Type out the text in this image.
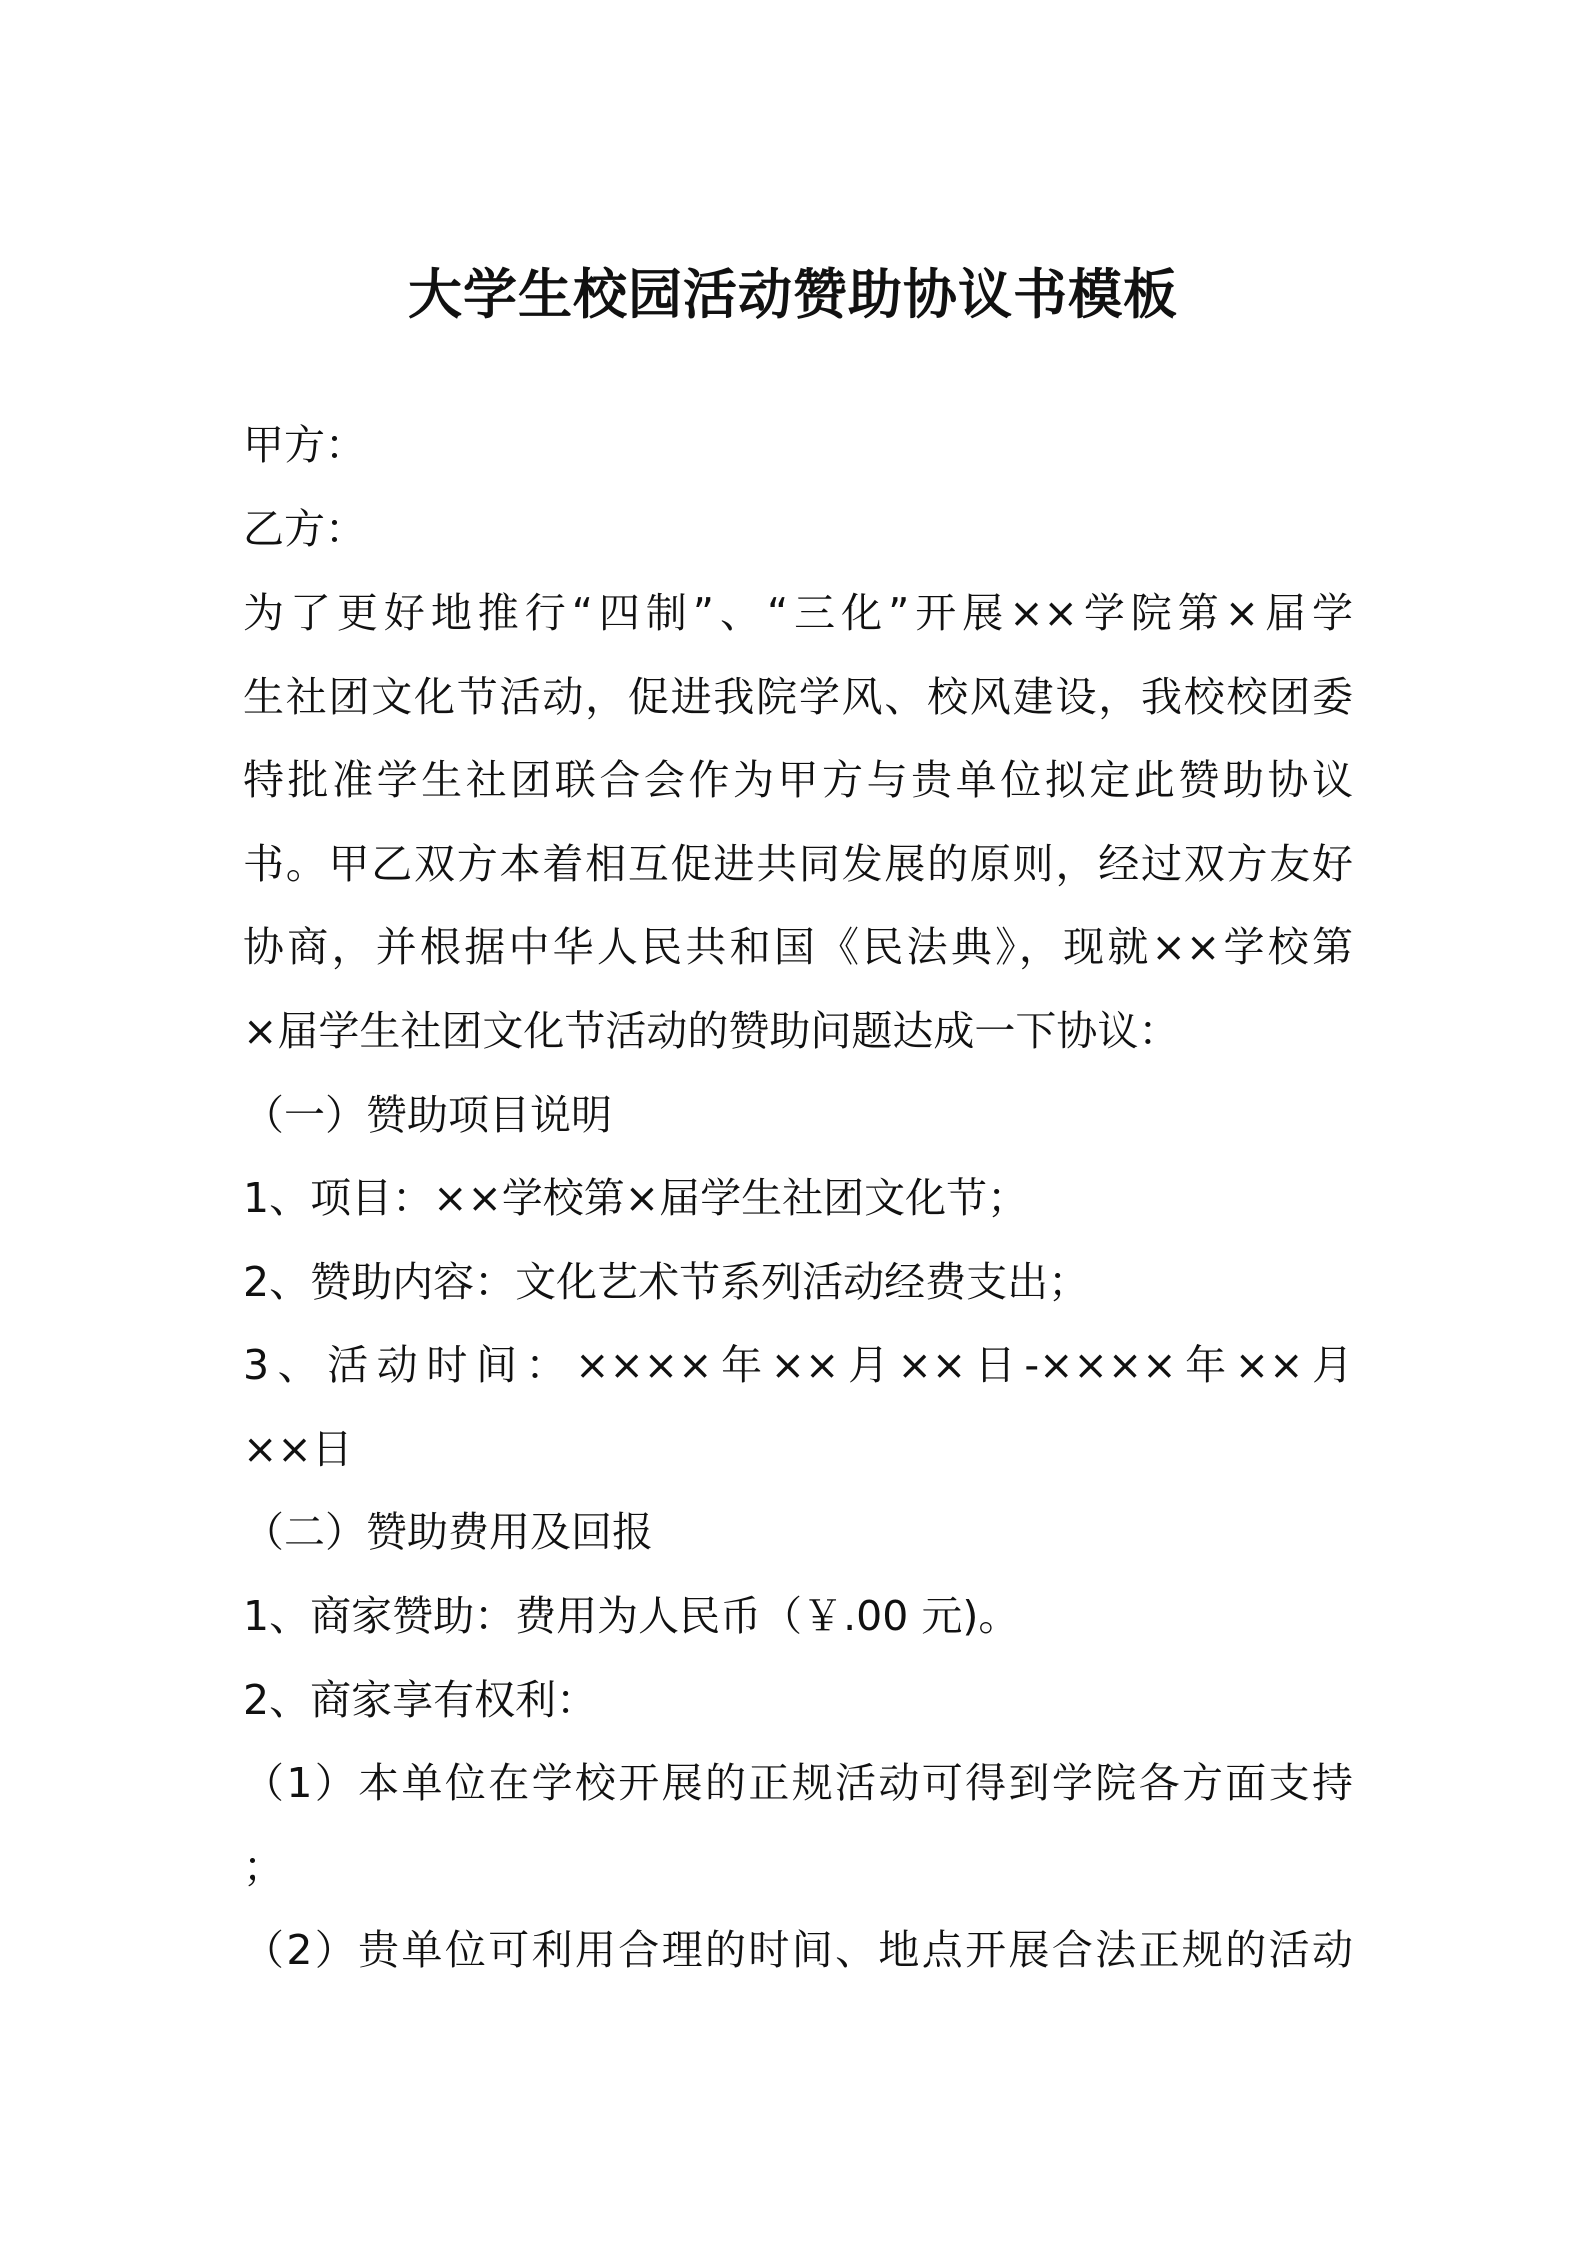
大学生校园活动赞助协议书模板
甲方：
乙方：
为了更好地推行“四制”、“三化”开展××学院第×届学
生社团文化节活动，促进我院学风、校风建设，我校校团委
特批准学生社团联合会作为甲方与贵单位拟定此赞助协议
书。甲乙双方本着相互促进共同发展的原则，经过双方友好
协商，并根据中华人民共和国《民法典》，现就××学校第
×届学生社团文化节活动的赞助问题达成一下协议：
（一）赞助项目说明
1、项目：××学校第×届学生社团文化节；
2、赞助内容：文化艺术节系列活动经费支出；
3、活动时间：××××年××月××日-××××年××月
××日
（二）赞助费用及回报
1、商家赞助：费用为人民币（￥.00 元)。
2、商家享有权利：
（1）本单位在学校开展的正规活动可得到学院各方面支持
；
（2）贵单位可利用合理的时间、地点开展合法正规的活动
